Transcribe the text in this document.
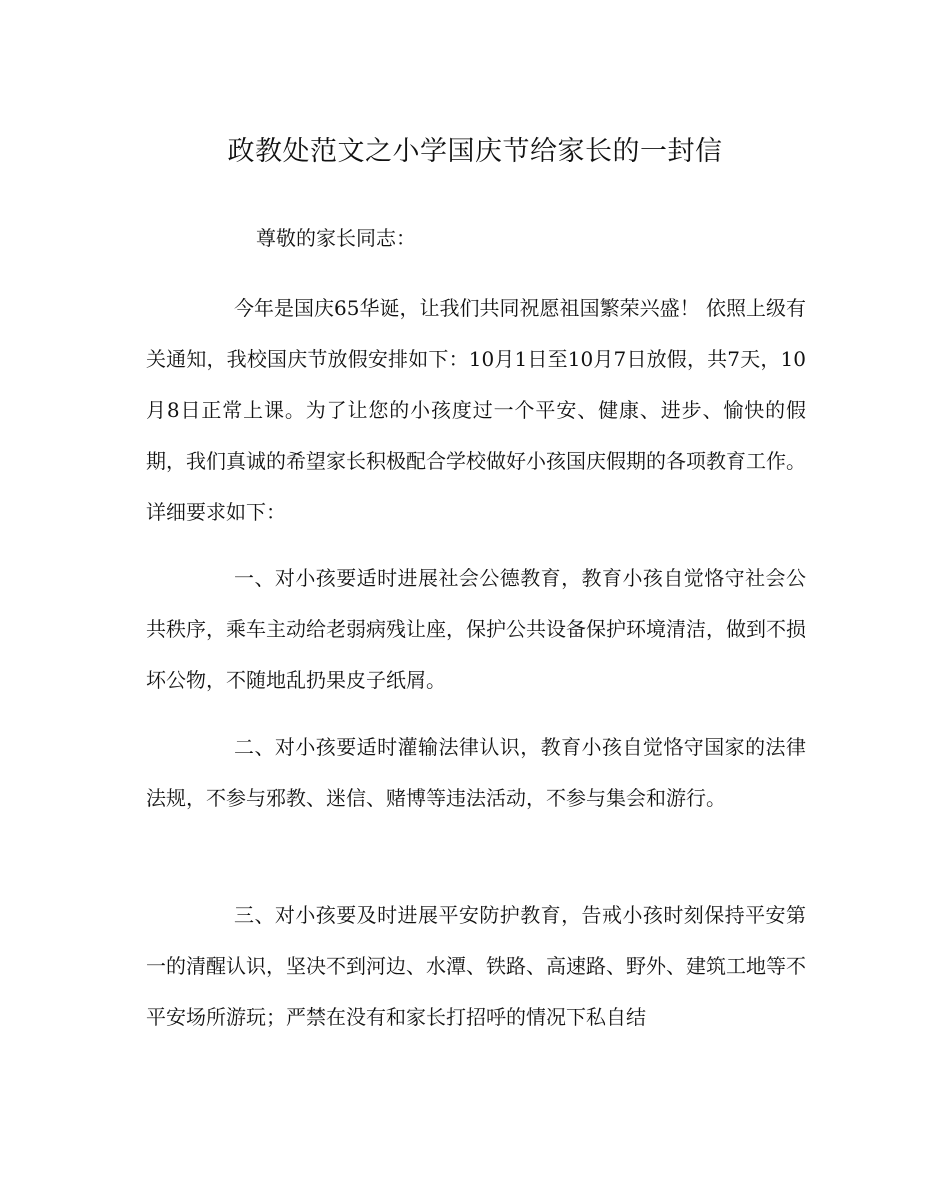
政教处范文之小学国庆节给家长的一封信

尊敬的家长同志：

今年是国庆65华诞，让我们共同祝愿祖国繁荣兴盛！ 依照上级有关通知，我校国庆节放假安排如下：10月1日至10月7日放假，共7天，10月8日正常上课。为了让您的小孩度过一个平安、健康、进步、愉快的假期，我们真诚的希望家长积极配合学校做好小孩国庆假期的各项教育工作。详细要求如下：

一、对小孩要适时进展社会公德教育，教育小孩自觉恪守社会公共秩序，乘车主动给老弱病残让座，保护公共设备保护环境清洁，做到不损坏公物，不随地乱扔果皮子纸屑。

二、对小孩要适时灌输法律认识，教育小孩自觉恪守国家的法律法规，不参与邪教、迷信、赌博等违法活动，不参与集会和游行。

三、对小孩要及时进展平安防护教育，告戒小孩时刻保持平安第一的清醒认识，坚决不到河边、水潭、铁路、高速路、野外、建筑工地等不平安场所游玩；严禁在没有和家长打招呼的情况下私自结
